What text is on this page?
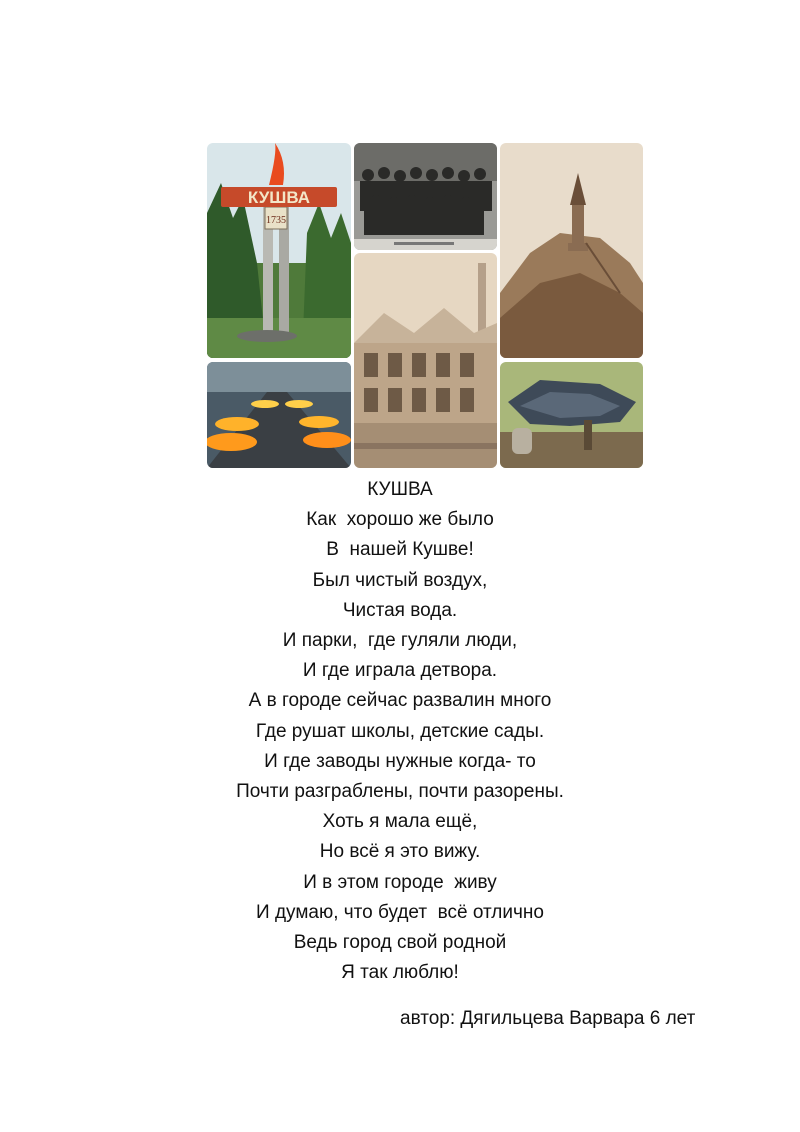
1735
КУШВА
КУШВА
Как  хорошо же было
В  нашей Кушве!
Был чистый воздух,
Чистая вода.
И парки,  где гуляли люди,
И где играла детвора.
А в городе сейчас развалин много
Где рушат школы, детские сады.
И где заводы нужные когда- то
Почти разграблены, почти разорены.
Хоть я мала ещё,
Но всё я это вижу.
И в этом городе  живу
И думаю, что будет  всё отлично
Ведь город свой родной
Я так люблю!
автор: Дягильцева Варвара 6 лет
